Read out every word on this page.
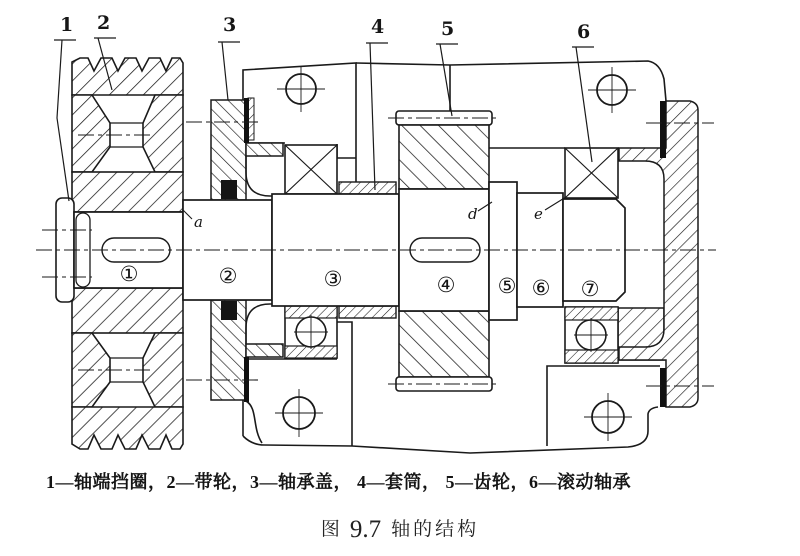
1 2	3	4	5	6
①	②	③	④ ⑤ ⑥ ⑦
a	d	e
1—轴端挡圈，2—带轮，3—轴承盖， 4—套筒， 5—齿轮，6—滚动轴承
图 9.7 轴的结构
